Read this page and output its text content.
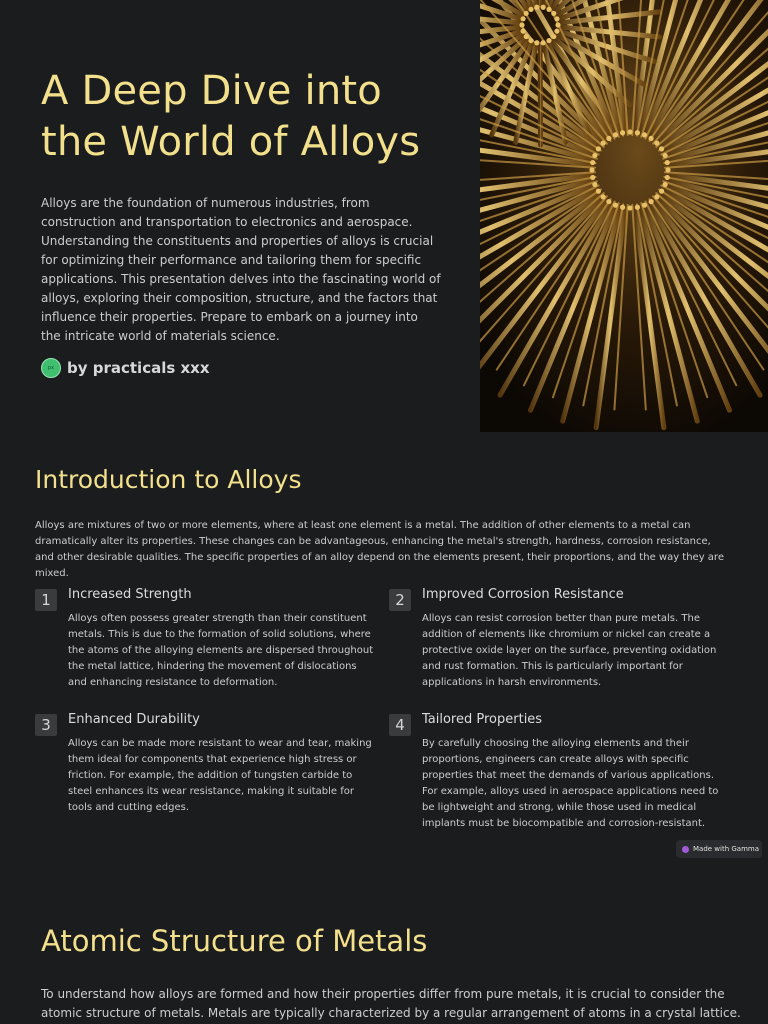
A Deep Dive into
the World of Alloys

Alloys are the foundation of numerous industries, from construction and transportation to electronics and aerospace. Understanding the constituents and properties of alloys is crucial for optimizing their performance and tailoring them for specific applications. This presentation delves into the fascinating world of alloys, exploring their composition, structure, and the factors that influence their properties. Prepare to embark on a journey into the intricate world of materials science.

px by practicals xxx
Introduction to Alloys

Alloys are mixtures of two or more elements, where at least one element is a metal. The addition of other elements to a metal can dramatically alter its properties. These changes can be advantageous, enhancing the metal's strength, hardness, corrosion resistance, and other desirable qualities. The specific properties of an alloy depend on the elements present, their proportions, and the way they are mixed.

1	Increased Strength
Alloys often possess greater strength than their constituent metals. This is due to the formation of solid solutions, where the atoms of the alloying elements are dispersed throughout the metal lattice, hindering the movement of dislocations and enhancing resistance to deformation.
2	Improved Corrosion Resistance
Alloys can resist corrosion better than pure metals. The addition of elements like chromium or nickel can create a protective oxide layer on the surface, preventing oxidation and rust formation. This is particularly important for applications in harsh environments.
3	Enhanced Durability
Alloys can be made more resistant to wear and tear, making them ideal for components that experience high stress or friction. For example, the addition of tungsten carbide to steel enhances its wear resistance, making it suitable for tools and cutting edges.
4	Tailored Properties
By carefully choosing the alloying elements and their proportions, engineers can create alloys with specific properties that meet the demands of various applications. For example, alloys used in aerospace applications need to be lightweight and strong, while those used in medical implants must be biocompatible and corrosion-resistant.
Made with Gamma
Atomic Structure of Metals

To understand how alloys are formed and how their properties differ from pure metals, it is crucial to consider the atomic structure of metals. Metals are typically characterized by a regular arrangement of atoms in a crystal lattice.
